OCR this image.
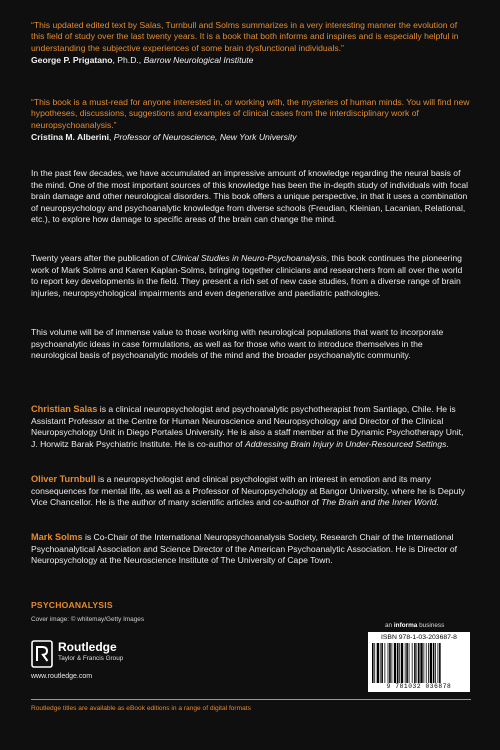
“This updated edited text by Salas, Turnbull and Solms summarizes in a very interesting manner the evolution of this field of study over the last twenty years. It is a book that both informs and inspires and is especially helpful in understanding the subjective experiences of some brain dysfunctional individuals.”
George P. Prigatano, Ph.D., Barrow Neurological Institute
“This book is a must-read for anyone interested in, or working with, the mysteries of human minds. You will find new hypotheses, discussions, suggestions and examples of clinical cases from the interdisciplinary work of neuropsychoanalysis.”
Cristina M. Alberini, Professor of Neuroscience, New York University

In the past few decades, we have accumulated an impressive amount of knowledge regarding the neural basis of the mind. One of the most important sources of this knowledge has been the in-depth study of individuals with focal brain damage and other neurological disorders. This book offers a unique perspective, in that it uses a combination of neuropsychology and psychoanalytic knowledge from diverse schools (Freudian, Kleinian, Lacanian, Relational, etc.), to explore how damage to specific areas of the brain can change the mind.

Twenty years after the publication of Clinical Studies in Neuro-Psychoanalysis, this book continues the pioneering work of Mark Solms and Karen Kaplan-Solms, bringing together clinicians and researchers from all over the world to report key developments in the field. They present a rich set of new case studies, from a diverse range of brain injuries, neuropsychological impairments and even degenerative and paediatric pathologies.

This volume will be of immense value to those working with neurological populations that want to incorporate psychoanalytic ideas in case formulations, as well as for those who want to introduce themselves in the neurological basis of psychoanalytic models of the mind and the broader psychoanalytic community.

Christian Salas is a clinical neuropsychologist and psychoanalytic psychotherapist from Santiago, Chile. He is Assistant Professor at the Centre for Human Neuroscience and Neuropsychology and Director of the Clinical Neuropsychology Unit in Diego Portales University. He is also a staff member at the Dynamic Psychotherapy Unit, J. Horwitz Barak Psychiatric Institute. He is co-author of Addressing Brain Injury in Under-Resourced Settings.

Oliver Turnbull is a neuropsychologist and clinical psychologist with an interest in emotion and its many consequences for mental life, as well as a Professor of Neuropsychology at Bangor University, where he is Deputy Vice Chancellor. He is the author of many scientific articles and co-author of The Brain and the Inner World.

Mark Solms is Co-Chair of the International Neuropsychoanalysis Society, Research Chair of the International Psychoanalytical Association and Science Director of the American Psychoanalytic Association. He is Director of Neuropsychology at the Neuroscience Institute of The University of Cape Town.

PSYCHOANALYSIS
Cover image: © whitemay/Getty Images
Routledge
Taylor & Francis Group
www.routledge.com
an informa business
ISBN 978-1-03-203687-8
9 781032 036878
Routledge titles are available as eBook editions in a range of digital formats
